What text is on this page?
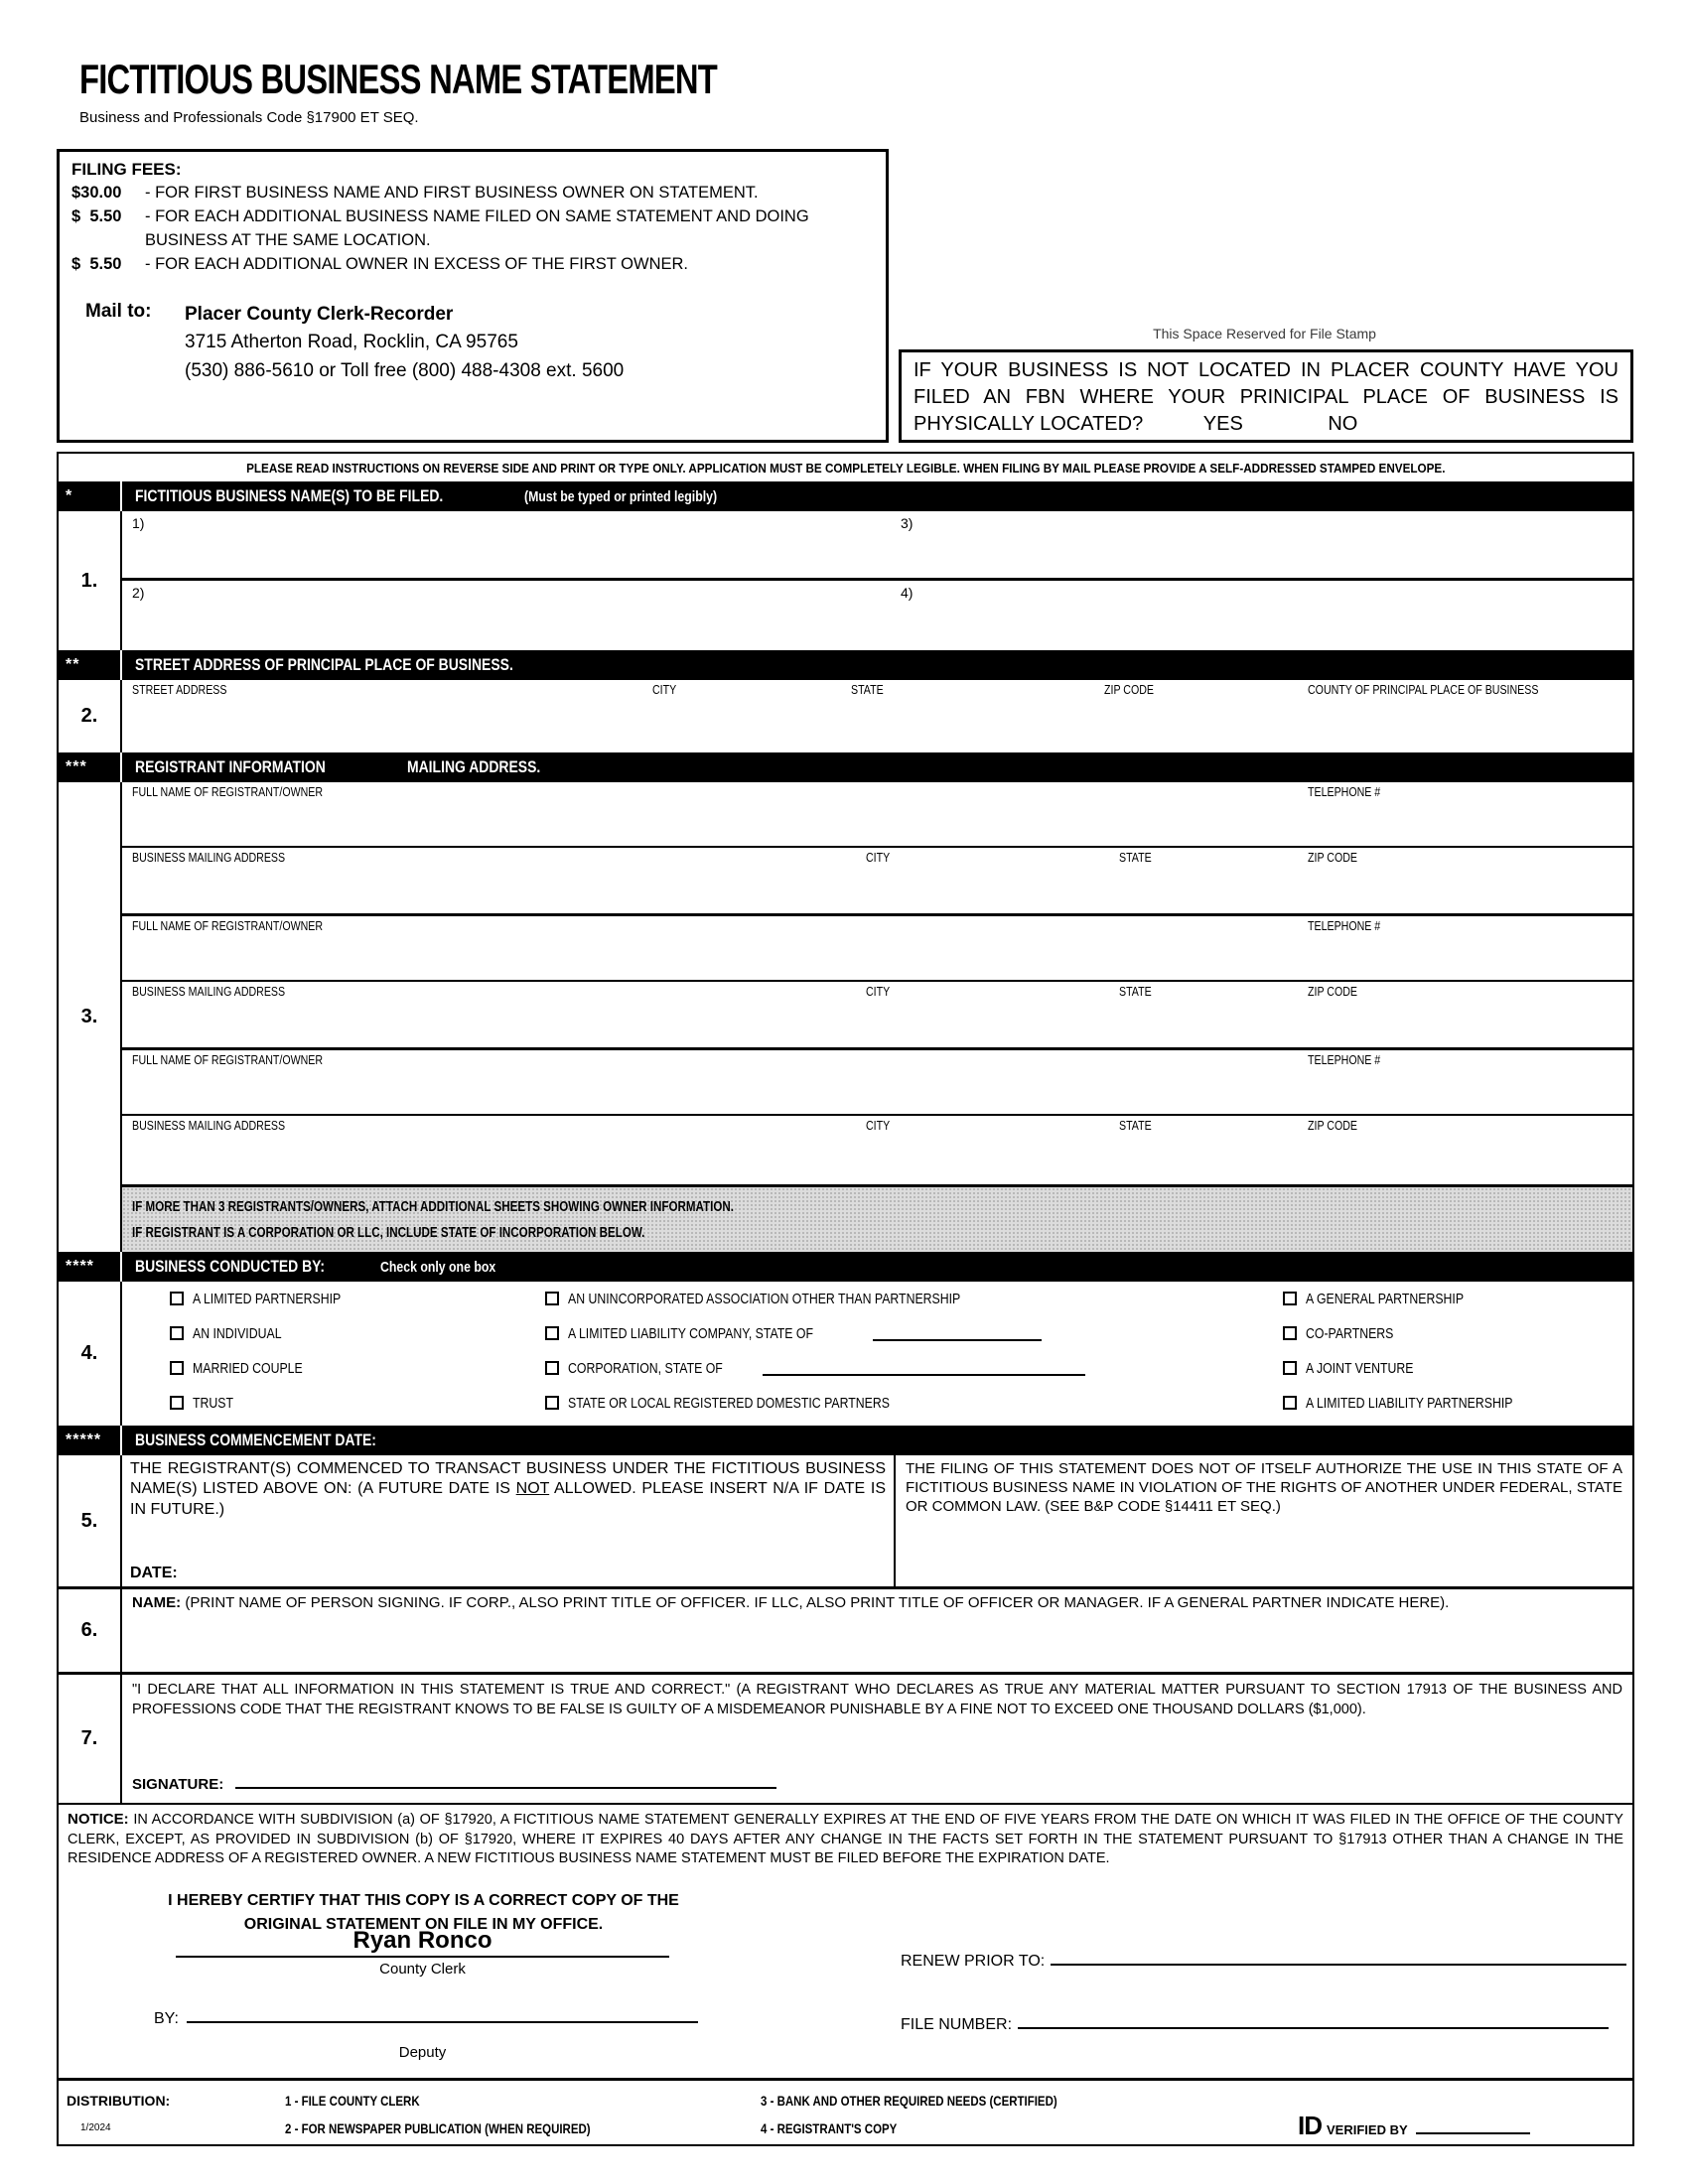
FICTITIOUS BUSINESS NAME STATEMENT
Business and Professionals Code §17900 ET SEQ.
FILING FEES:
$30.00	- FOR FIRST BUSINESS NAME AND FIRST BUSINESS OWNER ON STATEMENT.
$  5.50	- FOR EACH ADDITIONAL BUSINESS NAME FILED ON SAME STATEMENT AND DOING BUSINESS AT THE SAME LOCATION.
$  5.50	- FOR EACH ADDITIONAL OWNER IN EXCESS OF THE FIRST OWNER.
Mail to:	Placer County Clerk-Recorder
3715 Atherton Road, Rocklin, CA 95765
(530) 886-5610 or Toll free (800) 488-4308 ext. 5600
This Space Reserved for File Stamp
IF YOUR BUSINESS IS NOT LOCATED IN PLACER COUNTY HAVE YOU FILED AN FBN WHERE YOUR PRINICIPAL PLACE OF BUSINESS IS PHYSICALLY LOCATED?	YES	NO
PLEASE READ INSTRUCTIONS ON REVERSE SIDE AND PRINT OR TYPE ONLY. APPLICATION MUST BE COMPLETELY LEGIBLE. WHEN FILING BY MAIL PLEASE PROVIDE A SELF-ADDRESSED STAMPED ENVELOPE.
*	FICTITIOUS BUSINESS NAME(S) TO BE FILED.	(Must be typed or printed legibly)
1.
1)	3)
2)	4)
**	STREET ADDRESS OF PRINCIPAL PLACE OF BUSINESS.
2.
STREET ADDRESS	CITY	STATE	ZIP CODE	COUNTY OF PRINCIPAL PLACE OF BUSINESS
***	REGISTRANT INFORMATION	MAILING ADDRESS.
3.
FULL NAME OF REGISTRANT/OWNER	TELEPHONE #
BUSINESS MAILING ADDRESS	CITY	STATE	ZIP CODE
FULL NAME OF REGISTRANT/OWNER	TELEPHONE #
BUSINESS MAILING ADDRESS	CITY	STATE	ZIP CODE
FULL NAME OF REGISTRANT/OWNER	TELEPHONE #
BUSINESS MAILING ADDRESS	CITY	STATE	ZIP CODE
IF MORE THAN 3 REGISTRANTS/OWNERS, ATTACH ADDITIONAL SHEETS SHOWING OWNER INFORMATION.
IF REGISTRANT IS A CORPORATION OR LLC, INCLUDE STATE OF INCORPORATION BELOW.
****	BUSINESS CONDUCTED BY:	Check only one box
4.
A LIMITED PARTNERSHIP
AN INDIVIDUAL
MARRIED COUPLE
TRUST
AN UNINCORPORATED ASSOCIATION OTHER THAN PARTNERSHIP
A LIMITED LIABILITY COMPANY, STATE OF
CORPORATION, STATE OF
STATE OR LOCAL REGISTERED DOMESTIC PARTNERS
A GENERAL PARTNERSHIP
CO-PARTNERS
A JOINT VENTURE
A LIMITED LIABILITY PARTNERSHIP
*****	BUSINESS COMMENCEMENT DATE:
5.
THE REGISTRANT(S) COMMENCED TO TRANSACT BUSINESS UNDER THE FICTITIOUS BUSINESS NAME(S) LISTED ABOVE ON: (A FUTURE DATE IS NOT ALLOWED. PLEASE INSERT N/A IF DATE IS IN FUTURE.)
DATE:
THE FILING OF THIS STATEMENT DOES NOT OF ITSELF AUTHORIZE THE USE IN THIS STATE OF A FICTITIOUS BUSINESS NAME IN VIOLATION OF THE RIGHTS OF ANOTHER UNDER FEDERAL, STATE OR COMMON LAW. (SEE B&P CODE §14411 ET SEQ.)
6.
NAME: (PRINT NAME OF PERSON SIGNING. IF CORP., ALSO PRINT TITLE OF OFFICER. IF LLC, ALSO PRINT TITLE OF OFFICER OR MANAGER. IF A GENERAL PARTNER INDICATE HERE).
7.
"I DECLARE THAT ALL INFORMATION IN THIS STATEMENT IS TRUE AND CORRECT." (A REGISTRANT WHO DECLARES AS TRUE ANY MATERIAL MATTER PURSUANT TO SECTION 17913 OF THE BUSINESS AND PROFESSIONS CODE THAT THE REGISTRANT KNOWS TO BE FALSE IS GUILTY OF A MISDEMEANOR PUNISHABLE BY A FINE NOT TO EXCEED ONE THOUSAND DOLLARS ($1,000).
SIGNATURE:
NOTICE: IN ACCORDANCE WITH SUBDIVISION (a) OF §17920, A FICTITIOUS NAME STATEMENT GENERALLY EXPIRES AT THE END OF FIVE YEARS FROM THE DATE ON WHICH IT WAS FILED IN THE OFFICE OF THE COUNTY CLERK, EXCEPT, AS PROVIDED IN SUBDIVISION (b) OF §17920, WHERE IT EXPIRES 40 DAYS AFTER ANY CHANGE IN THE FACTS SET FORTH IN THE STATEMENT PURSUANT TO §17913 OTHER THAN A CHANGE IN THE RESIDENCE ADDRESS OF A REGISTERED OWNER. A NEW FICTITIOUS BUSINESS NAME STATEMENT MUST BE FILED BEFORE THE EXPIRATION DATE.
I HEREBY CERTIFY THAT THIS COPY IS A CORRECT COPY OF THE
ORIGINAL STATEMENT ON FILE IN MY OFFICE.
Ryan Ronco
County Clerk
BY:
Deputy
RENEW PRIOR TO:
FILE NUMBER:
DISTRIBUTION:
1/2024
1 - FILE COUNTY CLERK
2 - FOR NEWSPAPER PUBLICATION (WHEN REQUIRED)
3 - BANK AND OTHER REQUIRED NEEDS (CERTIFIED)
4 - REGISTRANT'S COPY	ID VERIFIED BY
